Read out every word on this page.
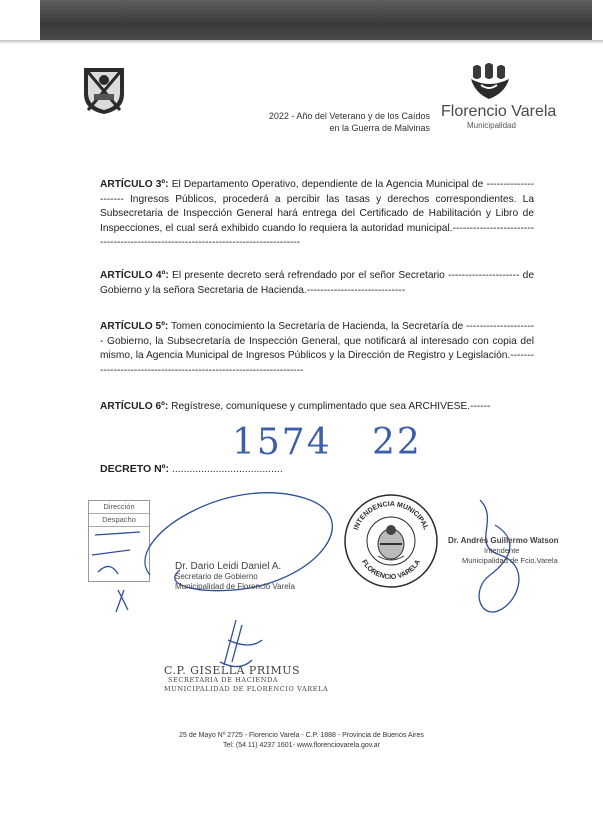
2022 - Año del Veterano y de los Caídos
en la Guerra de Malvinas
Florencio Varela
Municipalidad
ARTÍCULO 3º: El Departamento Operativo, dependiente de la Agencia Municipal de --------------------- Ingresos Públicos, procederá a percibir las tasas y derechos correspondientes. La Subsecretaria de Inspección General hará entrega del Certificado de Habilitación y Libro de Inspecciones, el cual será exhibido cuando lo requiera la autoridad municipal.-----------------------------------------------------------------------------------
ARTÍCULO 4º: El presente decreto será refrendado por el señor Secretario --------------------- de Gobierno y la señora Secretaria de Hacienda.-----------------------------
ARTÍCULO 5º: Tomen conocimiento la Secretaría de Hacienda, la Secretaría de --------------------- Gobierno, la Subsecretaría de Inspección General, que notificará al interesado con copia del mismo, la Agencia Municipal de Ingresos Públicos y la Dirección de Registro y Legislación.-------------------------------------------------------------------
ARTÍCULO 6º: Regístrese, comuníquese y cumplimentado que sea ARCHIVESE.------
1574   22
DECRETO Nº: ......................................
Dirección
Despacho
INTENDENCIA MUNICIPAL
FLORENCIO VARELA
Dr. Dario Leidi Daniel A.
Secretario de Gobierno
Municipalidad de Florencio Varela
Dr. Andrés Guillermo Watson
Intendente
Municipalidad de Fcio.Varela
C.P. GISELLA PRIMUS
SECRETARIA DE HACIENDA
MUNICIPALIDAD DE FLORENCIO VARELA
25 de Mayo Nº 2725 - Florencio Varela - C.P. 1888 - Provincia de Buenos Aires
Tel: (54 11) 4237 1601- www.florenciovarela.gov.ar
